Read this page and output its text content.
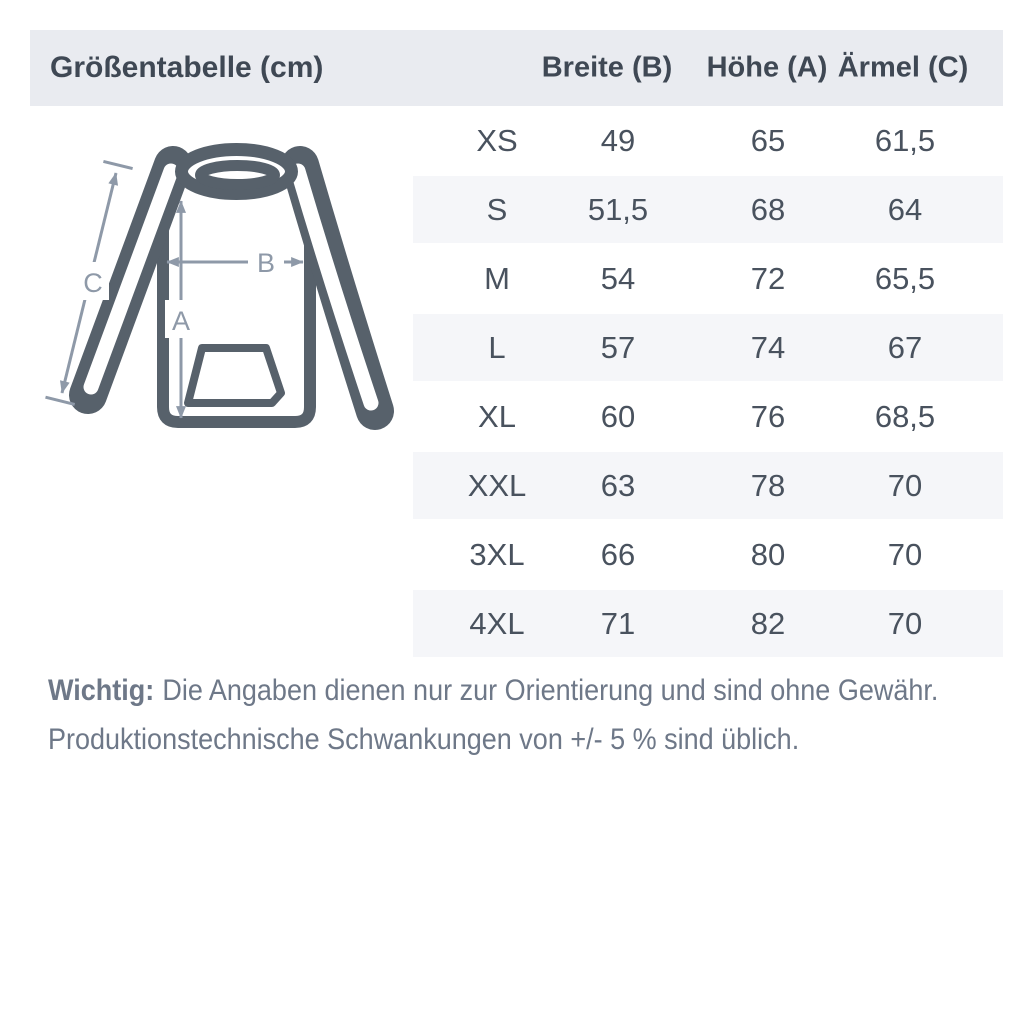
Größentabelle (cm)	Breite (B)	Höhe (A) Ärmel (C)
XS	49	65	61,5
S	51,5	68	64
M	54	72	65,5
L	57	74	67
XL	60	76	68,5
XXL	63	78	70
3XL	66	80	70
4XL	71	82	70
A
B
C
Wichtig: Die Angaben dienen nur zur Orientierung und sind ohne Gewähr.
Produktionstechnische Schwankungen von +/- 5 % sind üblich.
